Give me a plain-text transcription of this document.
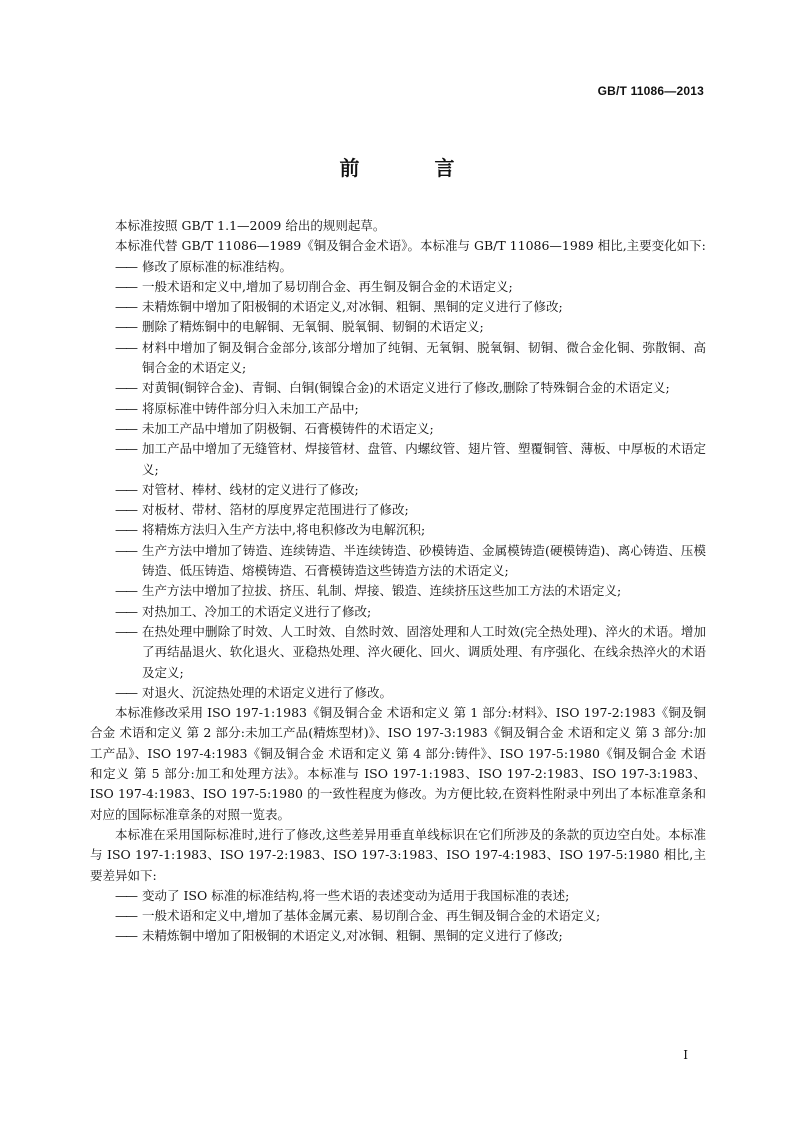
GB/T 11086—2013
前 言

本标准按照 GB/T 1.1—2009 给出的规则起草。

本标准代替 GB/T 11086—1989《铜及铜合金术语》。本标准与 GB/T 11086—1989 相比,主要变化如下:

—— 修改了原标准的标准结构。
—— 一般术语和定义中,增加了易切削合金、再生铜及铜合金的术语定义;
—— 未精炼铜中增加了阳极铜的术语定义,对冰铜、粗铜、黑铜的定义进行了修改;
—— 删除了精炼铜中的电解铜、无氧铜、脱氧铜、韧铜的术语定义;
—— 材料中增加了铜及铜合金部分,该部分增加了纯铜、无氧铜、脱氧铜、韧铜、微合金化铜、弥散铜、高铜合金的术语定义;
—— 对黄铜(铜锌合金)、青铜、白铜(铜镍合金)的术语定义进行了修改,删除了特殊铜合金的术语定义;
—— 将原标准中铸件部分归入未加工产品中;
—— 未加工产品中增加了阴极铜、石膏模铸件的术语定义;
—— 加工产品中增加了无缝管材、焊接管材、盘管、内螺纹管、翅片管、塑覆铜管、薄板、中厚板的术语定义;
—— 对管材、棒材、线材的定义进行了修改;
—— 对板材、带材、箔材的厚度界定范围进行了修改;
—— 将精炼方法归入生产方法中,将电积修改为电解沉积;
—— 生产方法中增加了铸造、连续铸造、半连续铸造、砂模铸造、金属模铸造(硬模铸造)、离心铸造、压模铸造、低压铸造、熔模铸造、石膏模铸造这些铸造方法的术语定义;
—— 生产方法中增加了拉拔、挤压、轧制、焊接、锻造、连续挤压这些加工方法的术语定义;
—— 对热加工、冷加工的术语定义进行了修改;
—— 在热处理中删除了时效、人工时效、自然时效、固溶处理和人工时效(完全热处理)、淬火的术语。增加了再结晶退火、软化退火、亚稳热处理、淬火硬化、回火、调质处理、有序强化、在线余热淬火的术语及定义;
—— 对退火、沉淀热处理的术语定义进行了修改。

本标准修改采用 ISO 197-1:1983《铜及铜合金 术语和定义 第 1 部分:材料》、ISO 197-2:1983《铜及铜合金 术语和定义 第 2 部分:未加工产品(精炼型材)》、ISO 197-3:1983《铜及铜合金 术语和定义 第 3 部分:加工产品》、ISO 197-4:1983《铜及铜合金 术语和定义 第 4 部分:铸件》、ISO 197-5:1980《铜及铜合金 术语和定义 第 5 部分:加工和处理方法》。本标准与 ISO 197-1:1983、ISO 197-2:1983、ISO 197-3:1983、ISO 197-4:1983、ISO 197-5:1980 的一致性程度为修改。为方便比较,在资料性附录中列出了本标准章条和对应的国际标准章条的对照一览表。

本标准在采用国际标准时,进行了修改,这些差异用垂直单线标识在它们所涉及的条款的页边空白处。本标准与 ISO 197-1:1983、ISO 197-2:1983、ISO 197-3:1983、ISO 197-4:1983、ISO 197-5:1980 相比,主要差异如下:

—— 变动了 ISO 标准的标准结构,将一些术语的表述变动为适用于我国标准的表述;
—— 一般术语和定义中,增加了基体金属元素、易切削合金、再生铜及铜合金的术语定义;
—— 未精炼铜中增加了阳极铜的术语定义,对冰铜、粗铜、黑铜的定义进行了修改;
I
